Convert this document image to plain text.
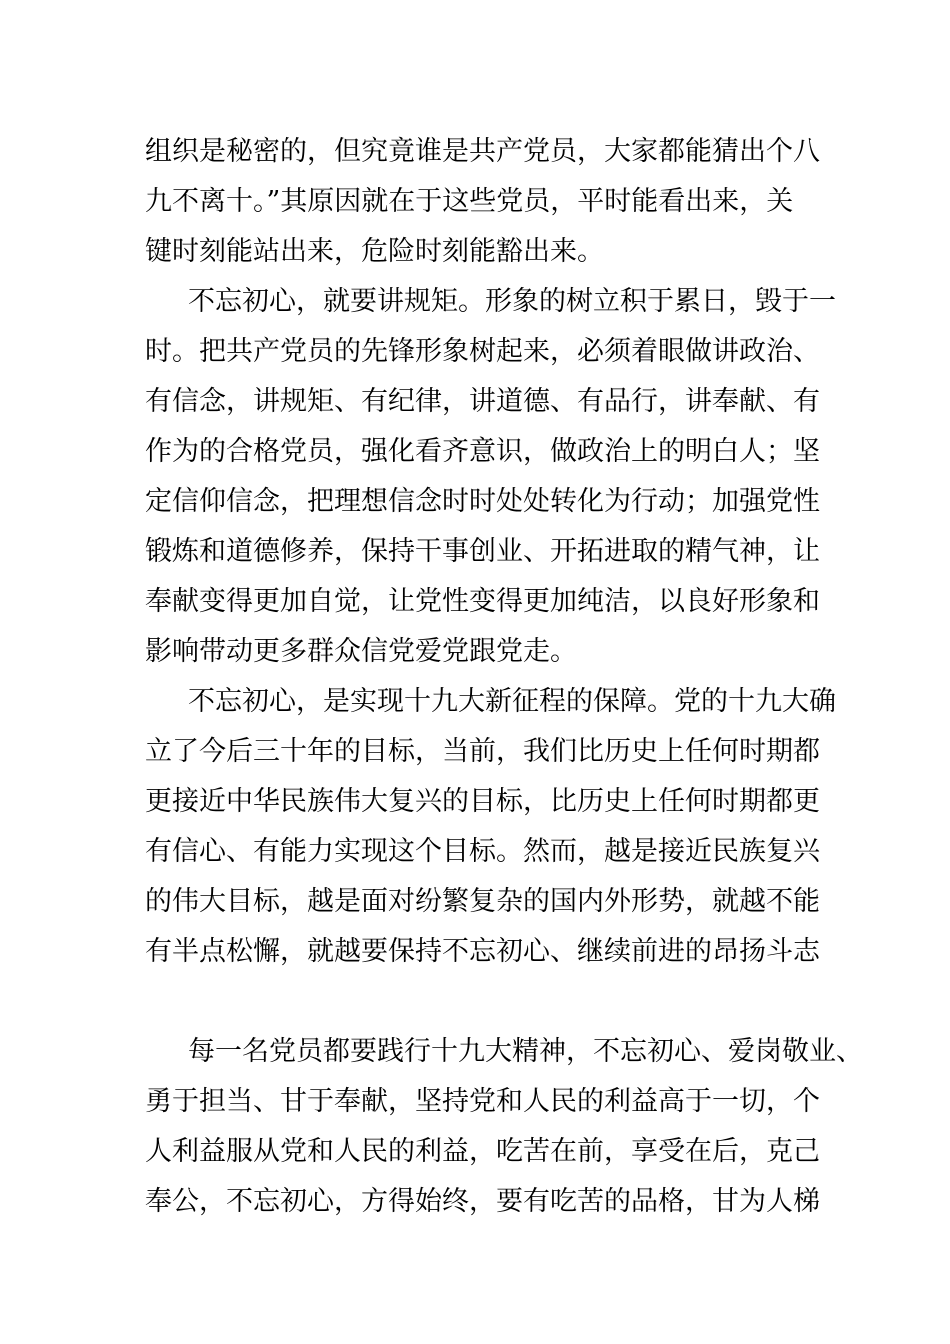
组织是秘密的，但究竟谁是共产党员，大家都能猜出个八

九不离十。”其原因就在于这些党员，平时能看出来，关

键时刻能站出来，危险时刻能豁出来。

不忘初心，就要讲规矩。形象的树立积于累日，毁于一

时。把共产党员的先锋形象树起来，必须着眼做讲政治、

有信念，讲规矩、有纪律，讲道德、有品行，讲奉献、有

作为的合格党员，强化看齐意识，做政治上的明白人；坚

定信仰信念，把理想信念时时处处转化为行动；加强党性

锻炼和道德修养，保持干事创业、开拓进取的精气神，让

奉献变得更加自觉，让党性变得更加纯洁，以良好形象和

影响带动更多群众信党爱党跟党走。

不忘初心，是实现十九大新征程的保障。党的十九大确

立了今后三十年的目标，当前，我们比历史上任何时期都

更接近中华民族伟大复兴的目标，比历史上任何时期都更

有信心、有能力实现这个目标。然而，越是接近民族复兴

的伟大目标，越是面对纷繁复杂的国内外形势，就越不能

有半点松懈，就越要保持不忘初心、继续前进的昂扬斗志

每一名党员都要践行十九大精神，不忘初心、爱岗敬业、

勇于担当、甘于奉献，坚持党和人民的利益高于一切，个

人利益服从党和人民的利益，吃苦在前，享受在后，克己

奉公，不忘初心，方得始终，要有吃苦的品格，甘为人梯
